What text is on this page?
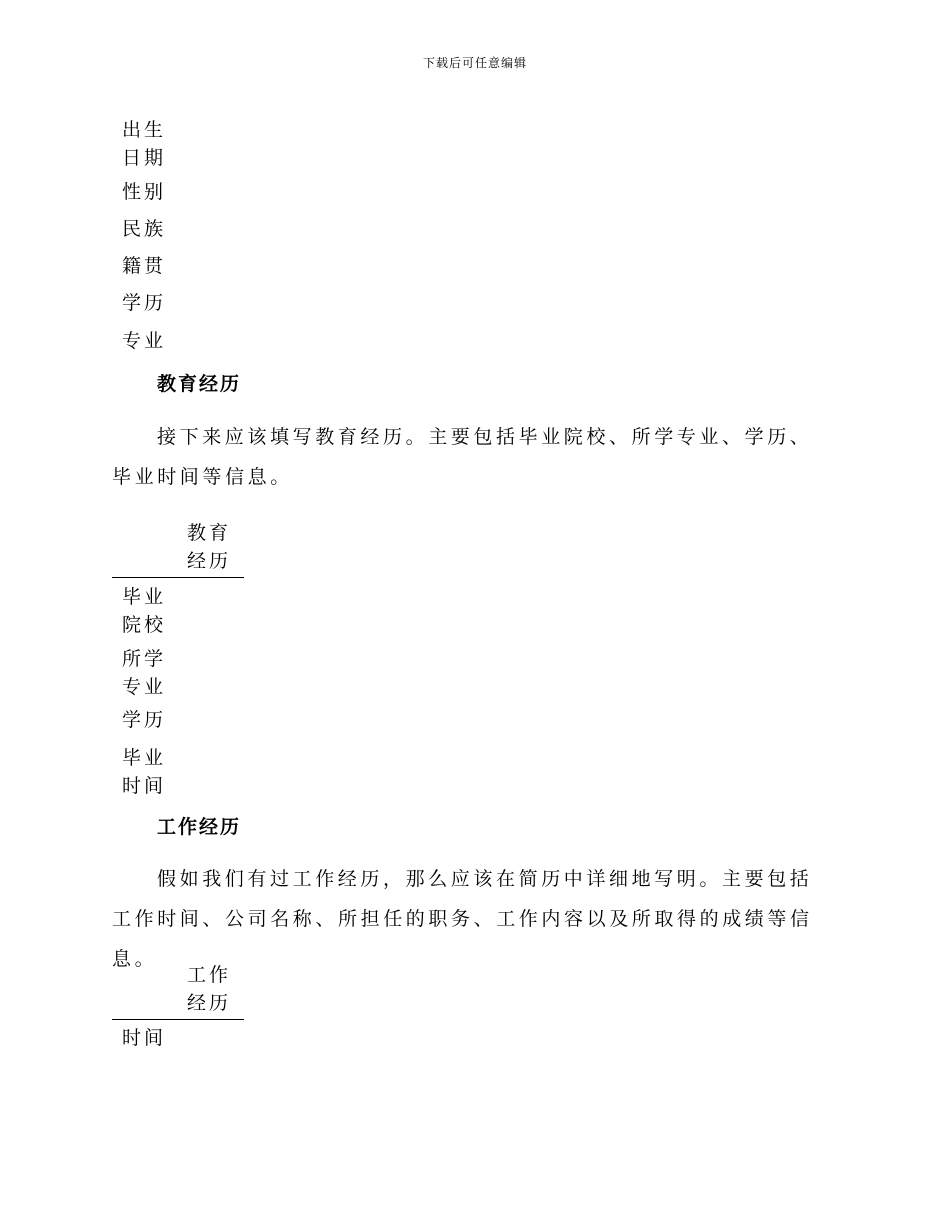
下载后可任意编辑
出生日期
性别
民族
籍贯
学历
专业
教育经历
接下来应该填写教育经历。主要包括毕业院校、所学专业、学历、毕业时间等信息。
教育经历
毕业院校
所学专业
学历
毕业时间
工作经历
假如我们有过工作经历，那么应该在简历中详细地写明。主要包括工作时间、公司名称、所担任的职务、工作内容以及所取得的成绩等信息。
工作经历
时间
